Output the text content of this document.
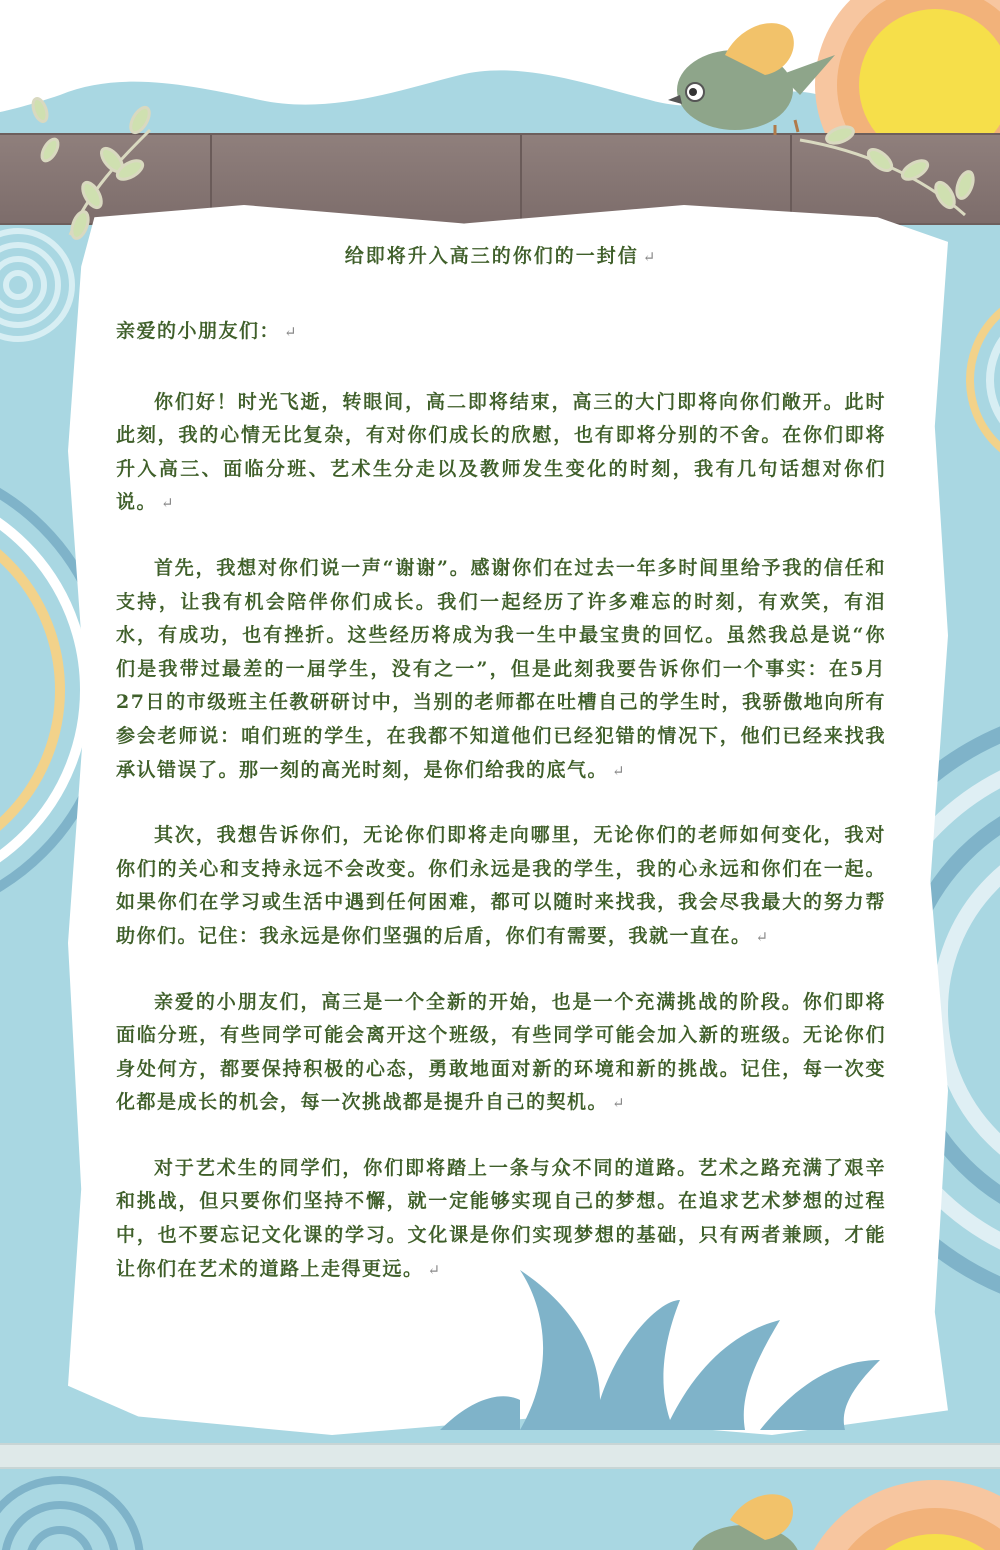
给即将升入高三的你们的一封信 ↵
亲爱的小朋友们： ↵

你们好！时光飞逝，转眼间，高二即将结束，高三的大门即将向你们敞开。此时此刻，我的心情无比复杂，有对你们成长的欣慰，也有即将分别的不舍。在你们即将升入高三、面临分班、艺术生分走以及教师发生变化的时刻，我有几句话想对你们说。 ↵

首先，我想对你们说一声“谢谢”。感谢你们在过去一年多时间里给予我的信任和支持，让我有机会陪伴你们成长。我们一起经历了许多难忘的时刻，有欢笑，有泪水，有成功，也有挫折。这些经历将成为我一生中最宝贵的回忆。虽然我总是说“你们是我带过最差的一届学生，没有之一”，但是此刻我要告诉你们一个事实：在5月27日的市级班主任教研研讨中，当别的老师都在吐槽自己的学生时，我骄傲地向所有参会老师说：咱们班的学生，在我都不知道他们已经犯错的情况下，他们已经来找我承认错误了。那一刻的高光时刻，是你们给我的底气。 ↵

其次，我想告诉你们，无论你们即将走向哪里，无论你们的老师如何变化，我对你们的关心和支持永远不会改变。你们永远是我的学生，我的心永远和你们在一起。如果你们在学习或生活中遇到任何困难，都可以随时来找我，我会尽我最大的努力帮助你们。记住：我永远是你们坚强的后盾，你们有需要，我就一直在。 ↵

亲爱的小朋友们，高三是一个全新的开始，也是一个充满挑战的阶段。你们即将面临分班，有些同学可能会离开这个班级，有些同学可能会加入新的班级。无论你们身处何方，都要保持积极的心态，勇敢地面对新的环境和新的挑战。记住，每一次变化都是成长的机会，每一次挑战都是提升自己的契机。 ↵

对于艺术生的同学们，你们即将踏上一条与众不同的道路。艺术之路充满了艰辛和挑战，但只要你们坚持不懈，就一定能够实现自己的梦想。在追求艺术梦想的过程中，也不要忘记文化课的学习。文化课是你们实现梦想的基础，只有两者兼顾，才能让你们在艺术的道路上走得更远。 ↵
